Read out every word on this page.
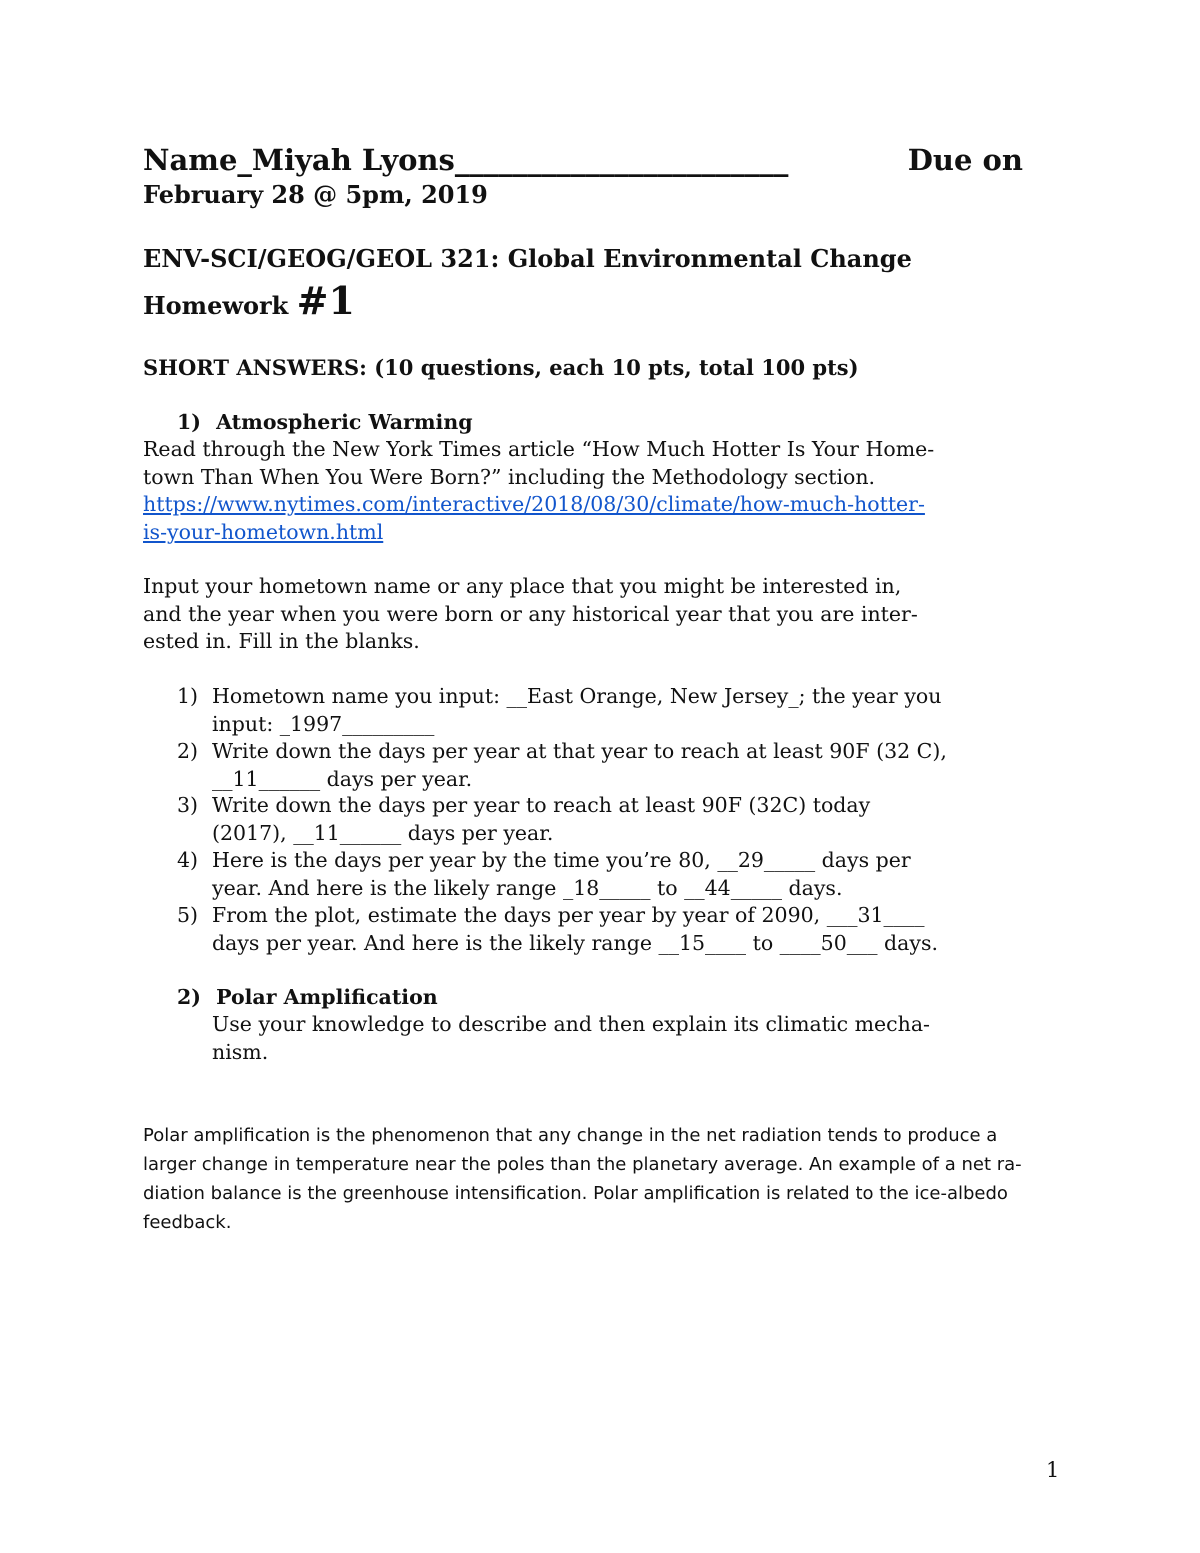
Name_Miyah Lyons_______________________	Due on
February 28 @ 5pm, 2019
ENV-SCI/GEOG/GEOL 321: Global Environmental Change
Homework #1
SHORT ANSWERS: (10 questions, each 10 pts, total 100 pts)
1) Atmospheric Warming
Read through the New York Times article “How Much Hotter Is Your Home-
town Than When You Were Born?” including the Methodology section.
https://www.nytimes.com/interactive/2018/08/30/climate/how-much-hotter-
is-your-hometown.html
Input your hometown name or any place that you might be interested in,
and the year when you were born or any historical year that you are inter-
ested in. Fill in the blanks.
1) Hometown name you input: __East Orange, New Jersey_; the year you
input: _1997_________
2) Write down the days per year at that year to reach at least 90F (32 C),
__11______ days per year.
3) Write down the days per year to reach at least 90F (32C) today
(2017), __11______ days per year.
4) Here is the days per year by the time you’re 80, __29_____ days per
year. And here is the likely range _18_____ to __44_____ days.
5) From the plot, estimate the days per year by year of 2090, ___31____
days per year. And here is the likely range __15____ to ____50___ days.
2) Polar Amplification
Use your knowledge to describe and then explain its climatic mecha-
nism.
Polar amplification is the phenomenon that any change in the net radiation tends to produce a
larger change in temperature near the poles than the planetary average. An example of a net ra-
diation balance is the greenhouse intensification. Polar amplification is related to the ice-albedo
feedback.
1
